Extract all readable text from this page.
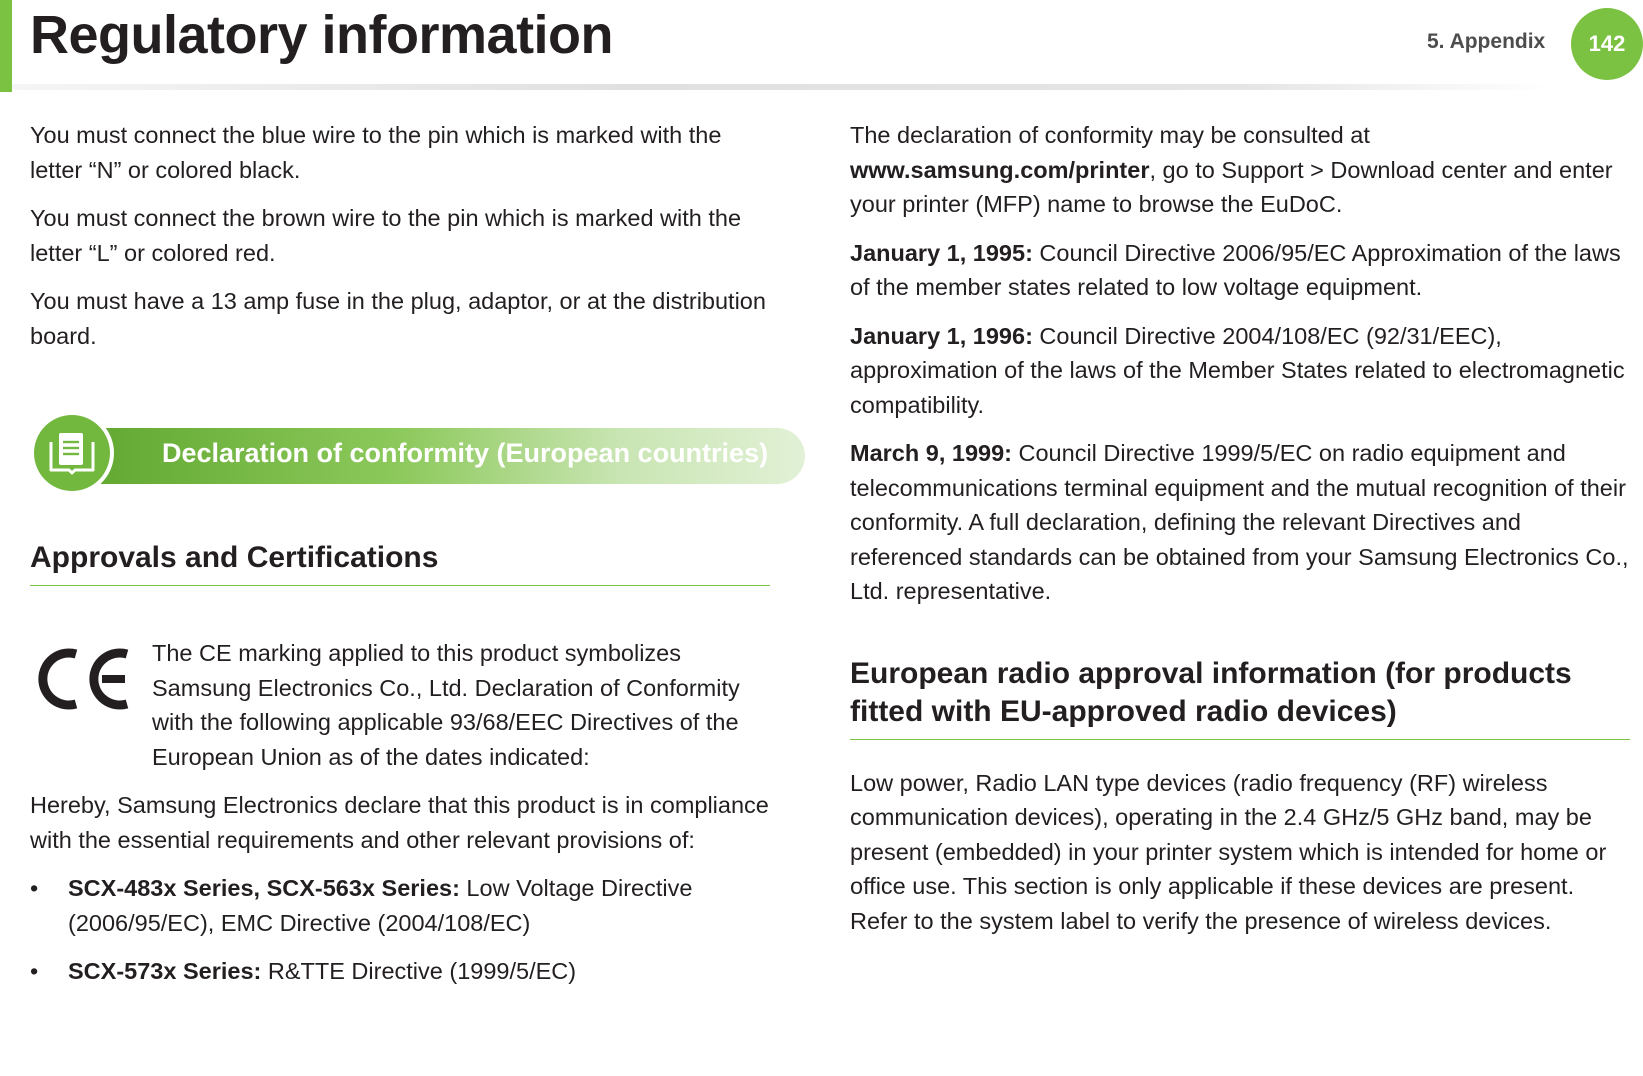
Regulatory information	5. Appendix	142

You must connect the blue wire to the pin which is marked with the letter “N” or colored black.

You must connect the brown wire to the pin which is marked with the letter “L” or colored red.

You must have a 13 amp fuse in the plug, adaptor, or at the distribution board.

Declaration of conformity (European countries)
Approvals and Certifications
The CE marking applied to this product symbolizes Samsung Electronics Co., Ltd. Declaration of Conformity with the following applicable 93/68/EEC Directives of the European Union as of the dates indicated:

Hereby, Samsung Electronics declare that this product is in compliance with the essential requirements and other relevant provisions of:

• SCX-483x Series, SCX-563x Series: Low Voltage Directive (2006/95/EC), EMC Directive (2004/108/EC)
• SCX-573x Series: R&TTE Directive (1999/5/EC)

The declaration of conformity may be consulted at www.samsung.com/printer, go to Support > Download center and enter your printer (MFP) name to browse the EuDoC.

January 1, 1995: Council Directive 2006/95/EC Approximation of the laws of the member states related to low voltage equipment.

January 1, 1996: Council Directive 2004/108/EC (92/31/EEC), approximation of the laws of the Member States related to electromagnetic compatibility.

March 9, 1999: Council Directive 1999/5/EC on radio equipment and telecommunications terminal equipment and the mutual recognition of their conformity. A full declaration, defining the relevant Directives and referenced standards can be obtained from your Samsung Electronics Co., Ltd. representative.

European radio approval information (for products fitted with EU-approved radio devices)

Low power, Radio LAN type devices (radio frequency (RF) wireless communication devices), operating in the 2.4 GHz/5 GHz band, may be present (embedded) in your printer system which is intended for home or office use. This section is only applicable if these devices are present. Refer to the system label to verify the presence of wireless devices.
